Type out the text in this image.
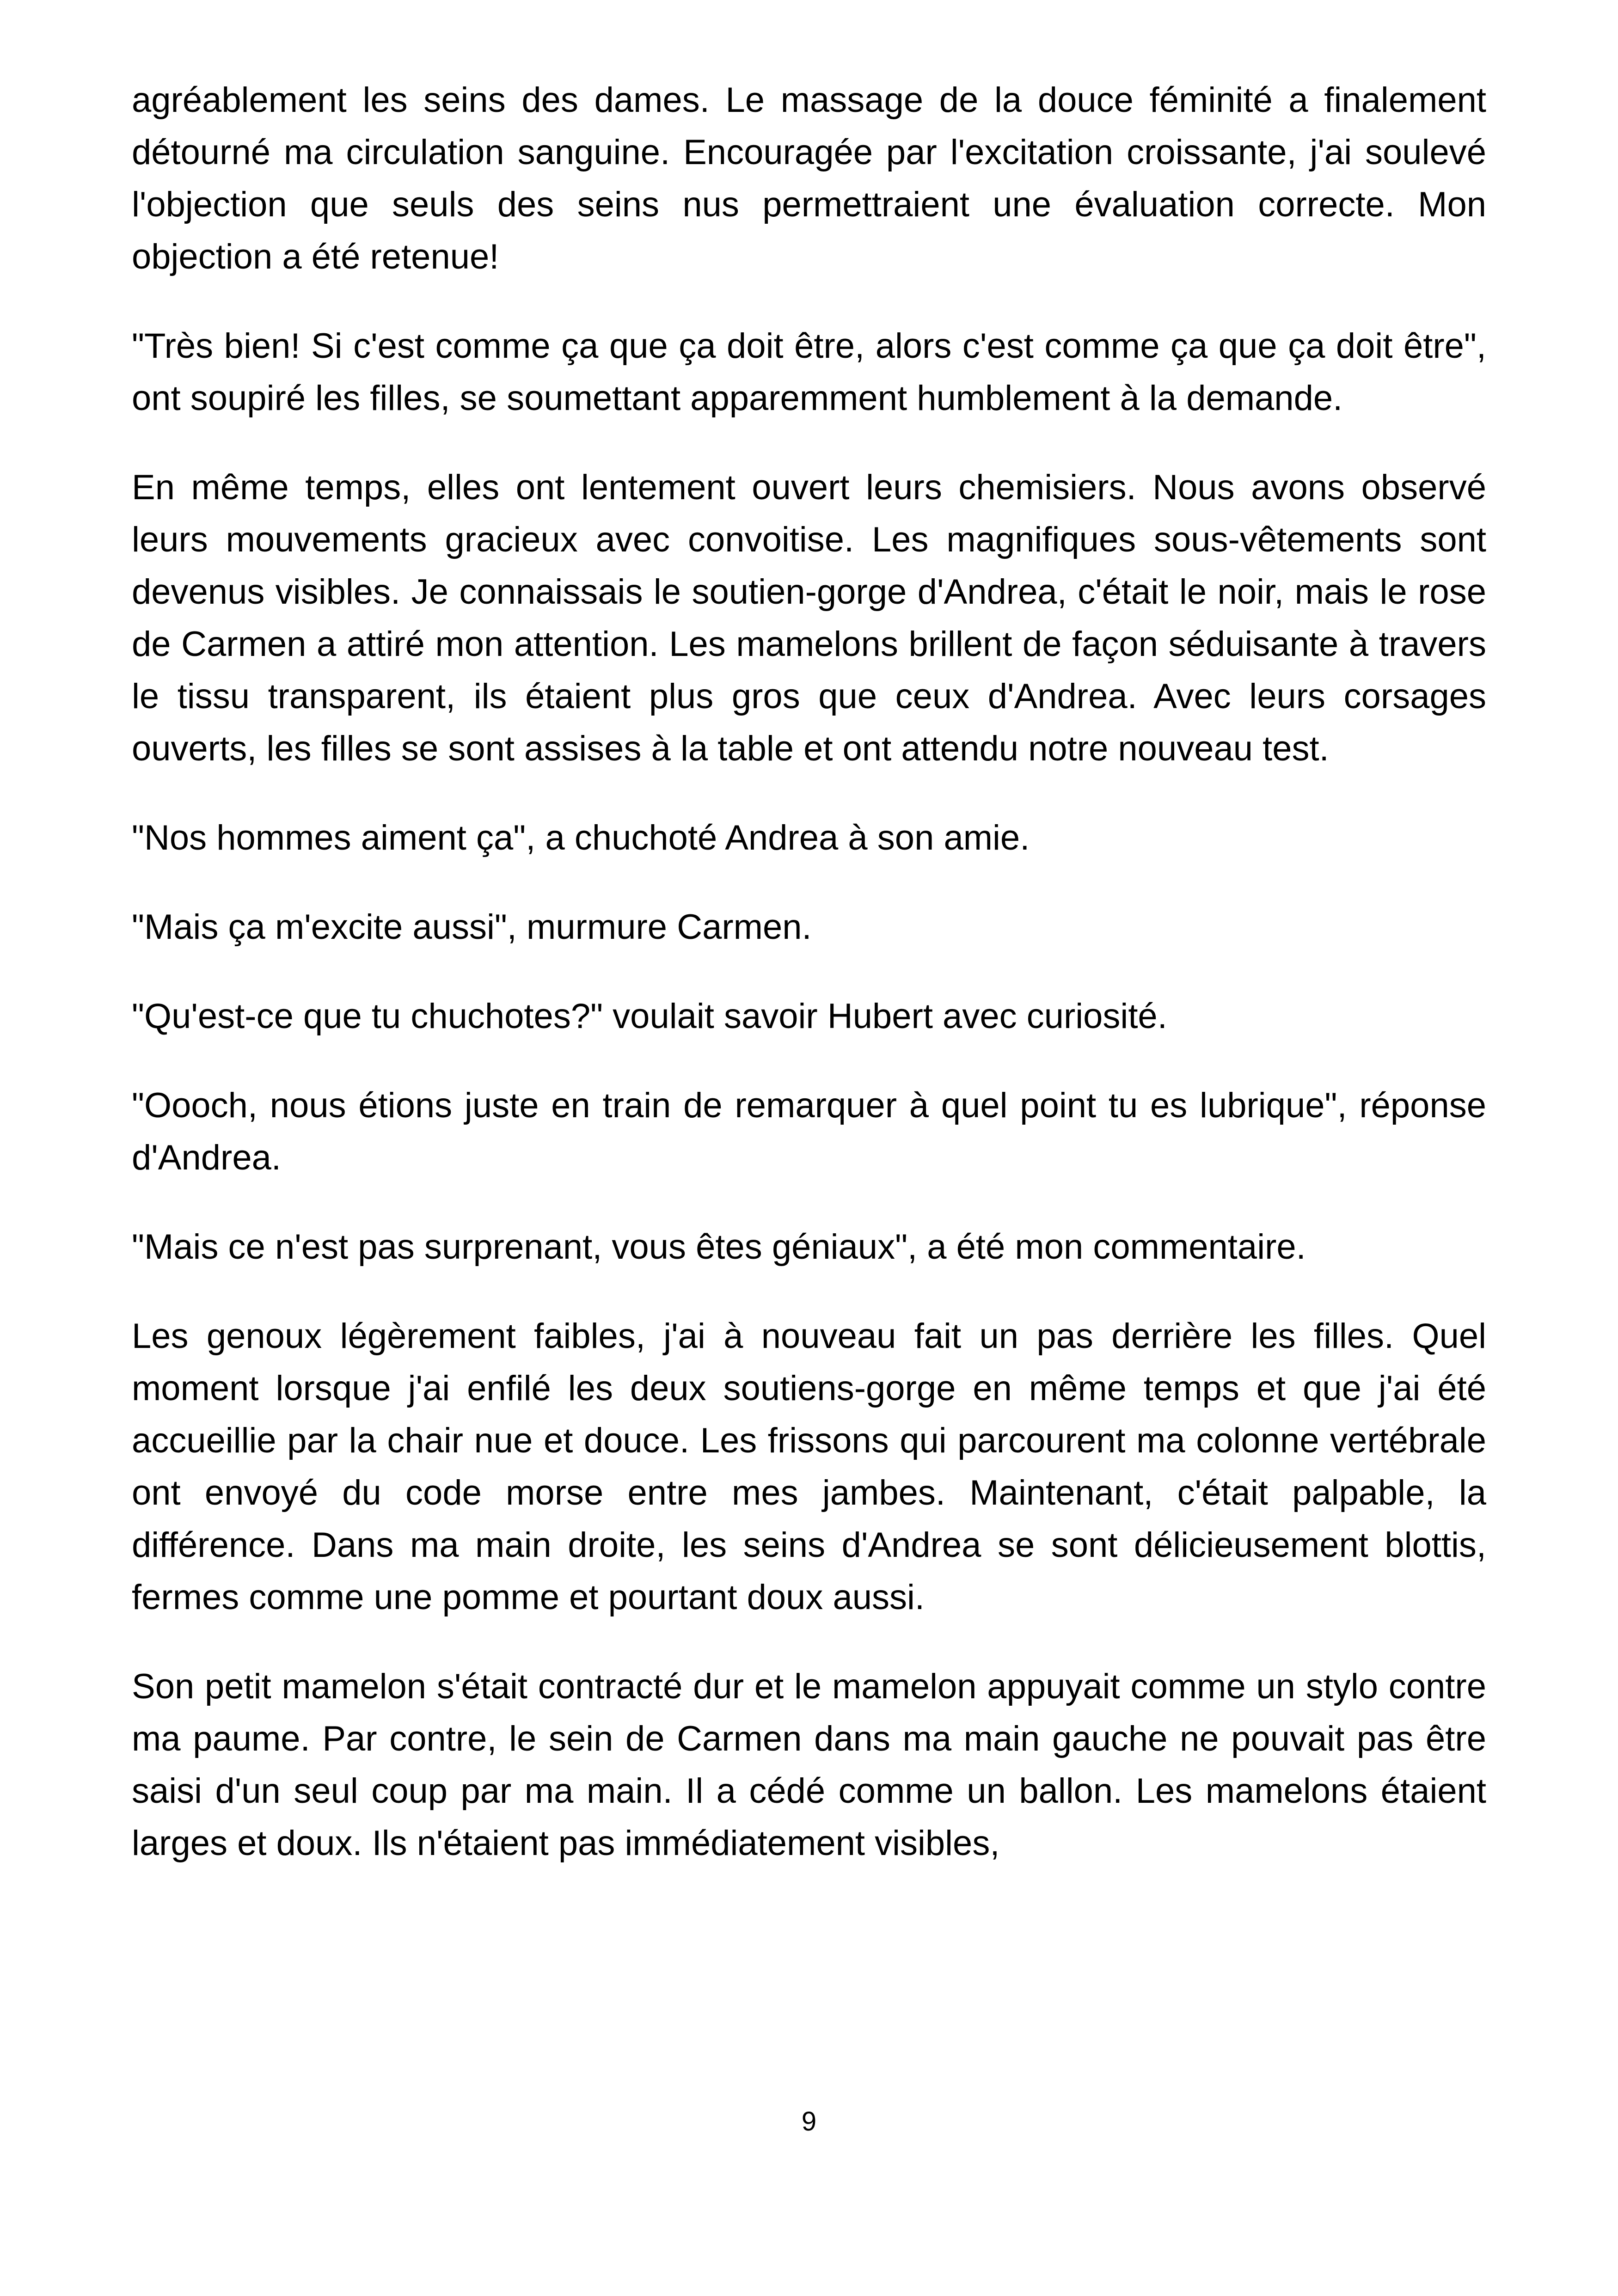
agréablement les seins des dames. Le massage de la douce féminité a finalement détourné ma circulation sanguine. Encouragée par l'excitation croissante, j'ai soulevé l'objection que seuls des seins nus permettraient une évaluation correcte. Mon objection a été retenue!

"Très bien! Si c'est comme ça que ça doit être, alors c'est comme ça que ça doit être", ont soupiré les filles, se soumettant apparemment humblement à la demande.

En même temps, elles ont lentement ouvert leurs chemisiers. Nous avons observé leurs mouvements gracieux avec convoitise. Les magnifiques sous-vêtements sont devenus visibles. Je connaissais le soutien-gorge d'Andrea, c'était le noir, mais le rose de Carmen a attiré mon attention. Les mamelons brillent de façon séduisante à travers le tissu transparent, ils étaient plus gros que ceux d'Andrea. Avec leurs corsages ouverts, les filles se sont assises à la table et ont attendu notre nouveau test.

"Nos hommes aiment ça", a chuchoté Andrea à son amie.

"Mais ça m'excite aussi", murmure Carmen.

"Qu'est-ce que tu chuchotes?" voulait savoir Hubert avec curiosité.

"Oooch, nous étions juste en train de remarquer à quel point tu es lubrique", réponse d'Andrea.

"Mais ce n'est pas surprenant, vous êtes géniaux", a été mon commentaire.

Les genoux légèrement faibles, j'ai à nouveau fait un pas derrière les filles. Quel moment lorsque j'ai enfilé les deux soutiens-gorge en même temps et que j'ai été accueillie par la chair nue et douce. Les frissons qui parcourent ma colonne vertébrale ont envoyé du code morse entre mes jambes. Maintenant, c'était palpable, la différence. Dans ma main droite, les seins d'Andrea se sont délicieusement blottis, fermes comme une pomme et pourtant doux aussi.

Son petit mamelon s'était contracté dur et le mamelon appuyait comme un stylo contre ma paume. Par contre, le sein de Carmen dans ma main gauche ne pouvait pas être saisi d'un seul coup par ma main. Il a cédé comme un ballon. Les mamelons étaient larges et doux. Ils n'étaient pas immédiatement visibles,

9
